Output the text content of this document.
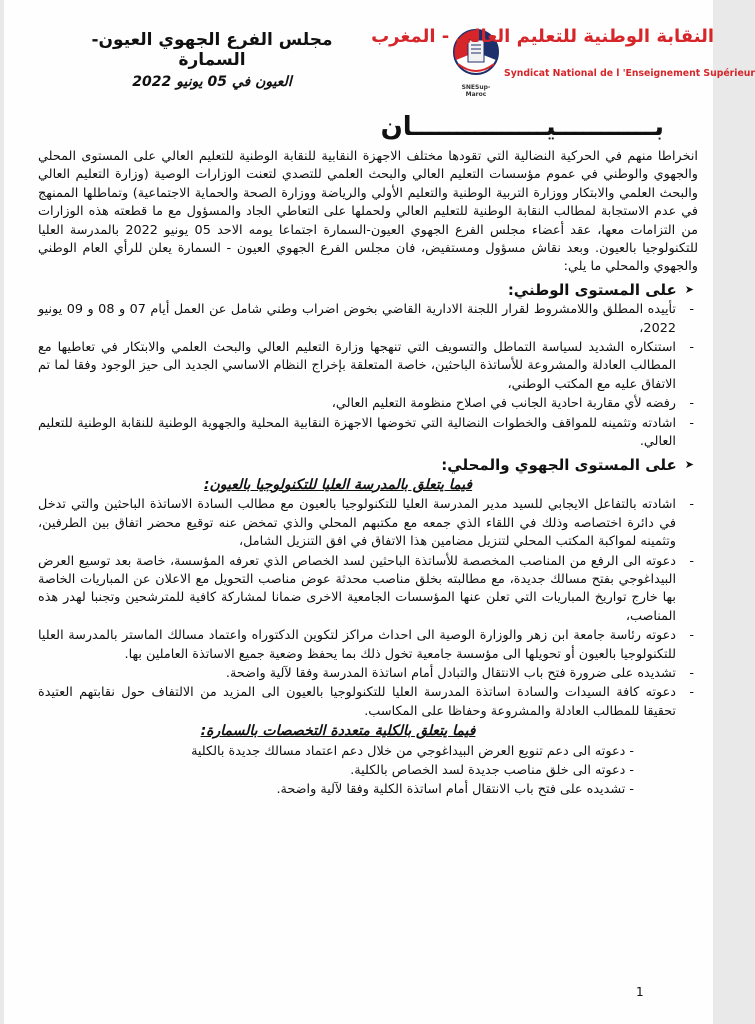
مجلس الفرع الجهوي العيون-السمارة
العيون في 05 يونيو 2022	SNESup-Maroc
النقابة الوطنية للتعليم العالي - المغرب
Syndicat National de l 'Enseignement Supérieur
بـــــــــــيـــــــــــــــان

انخراطا منهم في الحركية النضالية التي تقودها مختلف الاجهزة النقابية للنقابة الوطنية للتعليم العالي على المستوى المحلي والجهوي والوطني في عموم مؤسسات التعليم العالي والبحث العلمي للتصدي لتعنت الوزارات الوصية (وزارة التعليم العالي والبحث العلمي والابتكار ووزارة التربية الوطنية والتعليم الأولي والرياضة ووزارة الصحة والحماية الاجتماعية) وتماطلها الممنهج في عدم الاستجابة لمطالب النقابة الوطنية للتعليم العالي ولحملها على التعاطي الجاد والمسؤول مع ما قطعته هذه الوزارات من التزامات معها، عقد أعضاء مجلس الفرع الجهوي العيون-السمارة اجتماعا يومه الاحد 05 يونيو 2022 بالمدرسة العليا للتكنولوجيا بالعيون. وبعد نقاش مسؤول ومستفيض، فان مجلس الفرع الجهوي العيون - السمارة يعلن للرأي العام الوطني والجهوي والمحلي ما يلي:

➤
على المستوى الوطني:
- تأييده المطلق واللامشروط لقرار اللجنة الادارية القاضي بخوض اضراب وطني شامل عن العمل أيام 07 و 08 و 09 يونيو 2022،
- استنكاره الشديد لسياسة التماطل والتسويف التي تنهجها وزارة التعليم العالي والبحث العلمي والابتكار في تعاطيها مع المطالب العادلة والمشروعة للأساتذة الباحثين، خاصة المتعلقة بإخراج النظام الاساسي الجديد الى حيز الوجود وفقا لما تم الاتفاق عليه مع المكتب الوطني،
- رفضه لأي مقاربة احادية الجانب في اصلاح منظومة التعليم العالي،
- اشادته وتثمينه للمواقف والخطوات النضالية التي تخوضها الاجهزة النقابية المحلية والجهوية الوطنية للنقابة الوطنية للتعليم العالي.
➤
على المستوى الجهوي والمحلي:
فيما يتعلق بالمدرسة العليا للتكنولوجيا بالعيون:
- اشادته بالتفاعل الايجابي للسيد مدير المدرسة العليا للتكنولوجيا بالعيون مع مطالب السادة الاساتذة الباحثين والتي تدخل في دائرة اختصاصه وذلك في اللقاء الذي جمعه مع مكتبهم المحلي والذي تمخض عنه توقيع محضر اتفاق بين الطرفين، وتثمينه لمواكبة المكتب المحلي لتنزيل مضامين هذا الاتفاق في افق التنزيل الشامل،
- دعوته الى الرفع من المناصب المخصصة للأساتذة الباحثين لسد الخصاص الذي تعرفه المؤسسة، خاصة بعد توسيع العرض البيداغوجي بفتح مسالك جديدة، مع مطالبته بخلق مناصب محدثة عوض مناصب التحويل مع الاعلان عن المباريات الخاصة بها خارج تواريخ المباريات التي تعلن عنها المؤسسات الجامعية الاخرى ضمانا لمشاركة كافية للمترشحين وتجنبا لهدر هذه المناصب،
- دعوته رئاسة جامعة ابن زهر والوزارة الوصية الى احداث مراكز لتكوين الدكتوراه واعتماد مسالك الماستر بالمدرسة العليا للتكنولوجيا بالعيون أو تحويلها الى مؤسسة جامعية تخول ذلك بما يحفظ وضعية جميع الاساتذة العاملين بها.
- تشديده على ضرورة فتح باب الانتقال والتبادل أمام اساتذة المدرسة وفقا لآلية واضحة.
- دعوته كافة السيدات والسادة اساتذة المدرسة العليا للتكنولوجيا بالعيون الى المزيد من الالتفاف حول نقابتهم العتيدة تحقيقا للمطالب العادلة والمشروعة وحفاظا على المكاسب.
فيما يتعلق بالكلية متعددة التخصصات بالسمارة:
- دعوته الى دعم تنويع العرض البيداغوجي من خلال دعم اعتماد مسالك جديدة بالكلية
- دعوته الى خلق مناصب جديدة لسد الخصاص بالكلية.
- تشديده على فتح باب الانتقال أمام اساتذة الكلية وفقا لآلية واضحة.
1
